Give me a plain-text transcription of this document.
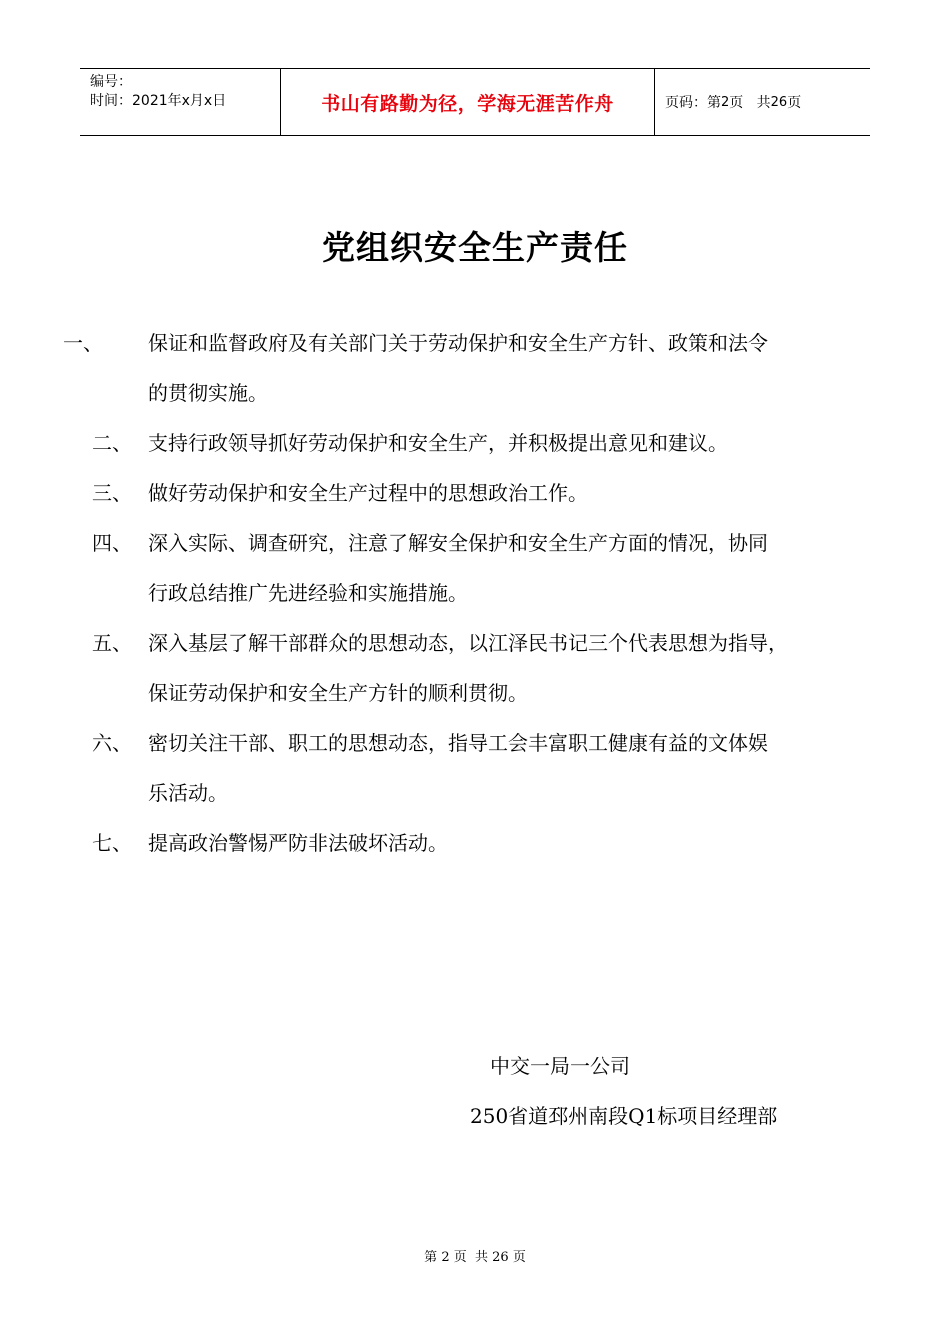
编号：
时间：2021年x月x日	书山有路勤为径，学海无涯苦作舟	页码：第 2 页   共 26 页
党组织安全生产责任
一、 保证和监督政府及有关部门关于劳动保护和安全生产方针、政策和法令
的贯彻实施。
二、 支持行政领导抓好劳动保护和安全生产，并积极提出意见和建议。
三、 做好劳动保护和安全生产过程中的思想政治工作。
四、 深入实际、调查研究，注意了解安全保护和安全生产方面的情况，协同
行政总结推广先进经验和实施措施。
五、 深入基层了解干部群众的思想动态，以江泽民书记三个代表思想为指导，
保证劳动保护和安全生产方针的顺利贯彻。
六、 密切关注干部、职工的思想动态，指导工会丰富职工健康有益的文体娱
乐活动。
七、 提高政治警惕严防非法破坏活动。
中交一局一公司
250省道邳州南段Q1标项目经理部
第 2 页  共 26 页
